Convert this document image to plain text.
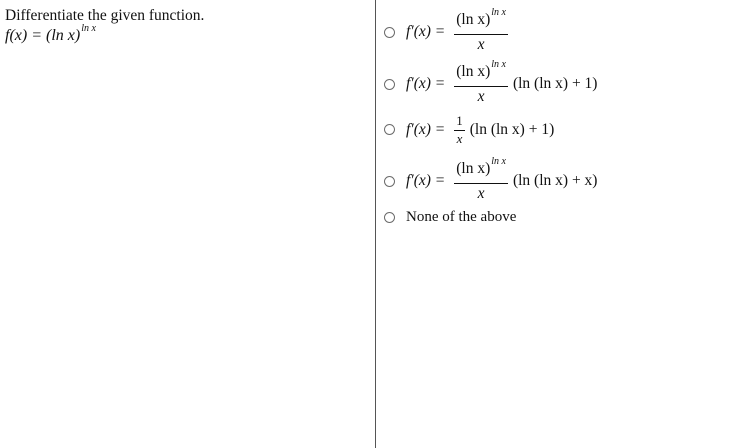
Differentiate the given function.
f(x) = (ln x)$^{ln x}$	$f'(x) = \frac{(\ln x)^{ln x}}{x}$
$f'(x) = \frac{(\ln x)^{ln x}}{x} (\ln$ (ln x) + 1)
$f'(x) = \frac{1}{x} (\ln$ (ln x) + 1)
$f'(x) = \frac{(\ln x)^{ln x}}{x} (\ln$ (ln x) + x)
None of the above
